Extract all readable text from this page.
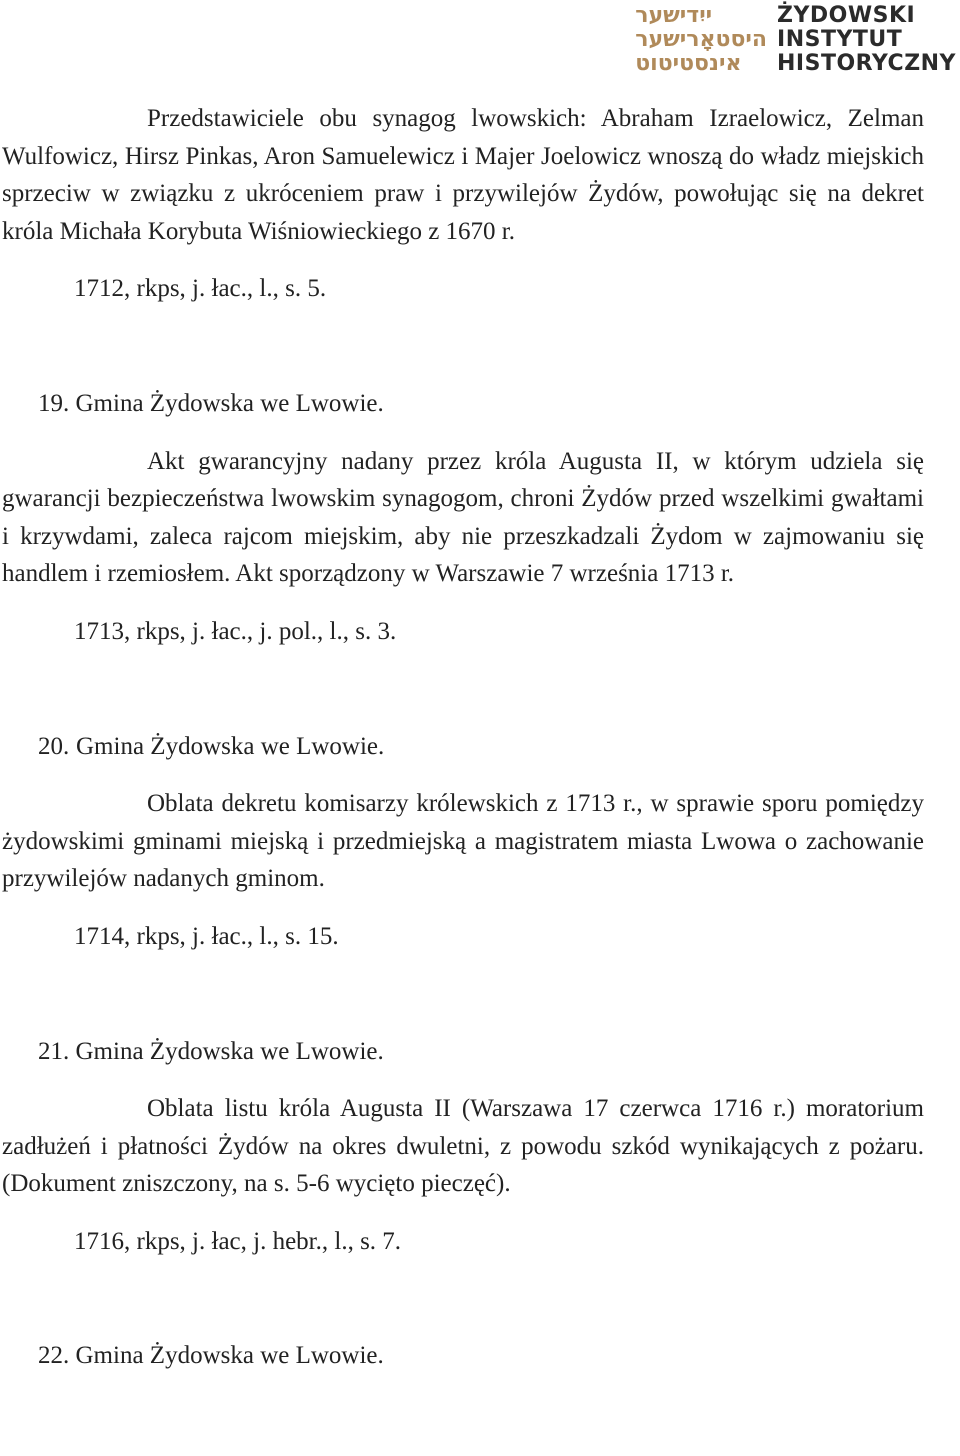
ייִדישער
היסטאָרישער
אינסטיטוט
ŻYDOWSKI
INSTYTUT
HISTORYCZNY

Przedstawiciele obu synagog lwowskich: Abraham Izraelowicz, Zelman Wulfowicz, Hirsz Pinkas, Aron Samuelewicz i Majer Joelowicz wnoszą do władz miejskich sprzeciw w związku z ukróceniem praw i przywilejów Żydów, powołując się na dekret króla Michała Korybuta Wiśniowieckiego z 1670 r.

1712, rkps, j. łac., l., s. 5.

19. Gmina Żydowska we Lwowie.

Akt gwarancyjny nadany przez króla Augusta II, w którym udziela się gwarancji bezpieczeństwa lwowskim synagogom, chroni Żydów przed wszelkimi gwałtami i krzywdami, zaleca rajcom miejskim, aby nie przeszkadzali Żydom w zajmowaniu się handlem i rzemiosłem. Akt sporządzony w Warszawie 7 września 1713 r.

1713, rkps, j. łac., j. pol., l., s. 3.

20. Gmina Żydowska we Lwowie.

Oblata dekretu komisarzy królewskich z 1713 r., w sprawie sporu pomiędzy żydowskimi gminami miejską i przedmiejską a magistratem miasta Lwowa o zachowanie przywilejów nadanych gminom.

1714, rkps, j. łac., l., s. 15.

21. Gmina Żydowska we Lwowie.

Oblata listu króla Augusta II (Warszawa 17 czerwca 1716 r.) moratorium zadłużeń i płatności Żydów na okres dwuletni, z powodu szkód wynikających z pożaru. (Dokument zniszczony, na s. 5-6 wycięto pieczęć).

1716, rkps, j. łac, j. hebr., l., s. 7.

22. Gmina Żydowska we Lwowie.
